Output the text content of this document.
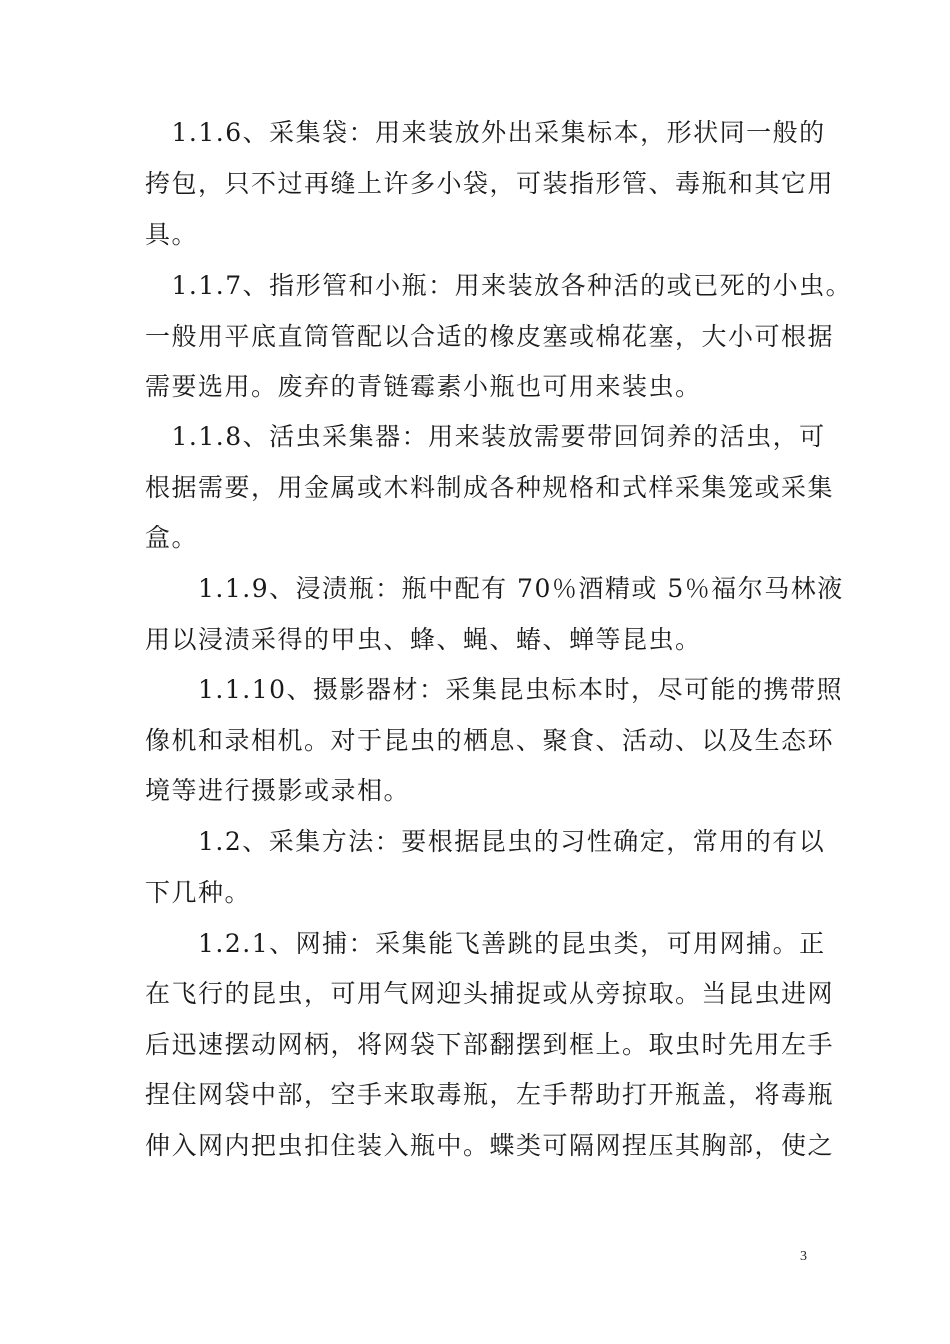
　1.1.6、采集袋：用来装放外出采集标本，形状同一般的
挎包，只不过再缝上许多小袋，可装指形管、毒瓶和其它用
具。
　1.1.7、指形管和小瓶：用来装放各种活的或已死的小虫。
一般用平底直筒管配以合适的橡皮塞或棉花塞，大小可根据
需要选用。废弃的青链霉素小瓶也可用来装虫。
　1.1.8、活虫采集器：用来装放需要带回饲养的活虫，可
根据需要，用金属或木料制成各种规格和式样采集笼或采集
盒。
　　1.1.9、浸渍瓶：瓶中配有 70％酒精或 5％福尔马林液
用以浸渍采得的甲虫、蜂、蝇、蝽、蝉等昆虫。
　　1.1.10、摄影器材：采集昆虫标本时，尽可能的携带照
像机和录相机。对于昆虫的栖息、聚食、活动、以及生态环
境等进行摄影或录相。
　　1.2、采集方法：要根据昆虫的习性确定，常用的有以
下几种。
　　1.2.1、网捕：采集能飞善跳的昆虫类，可用网捕。正
在飞行的昆虫，可用气网迎头捕捉或从旁掠取。当昆虫进网
后迅速摆动网柄，将网袋下部翻摆到框上。取虫时先用左手
捏住网袋中部，空手来取毒瓶，左手帮助打开瓶盖，将毒瓶
伸入网内把虫扣住装入瓶中。蝶类可隔网捏压其胸部，使之
3
